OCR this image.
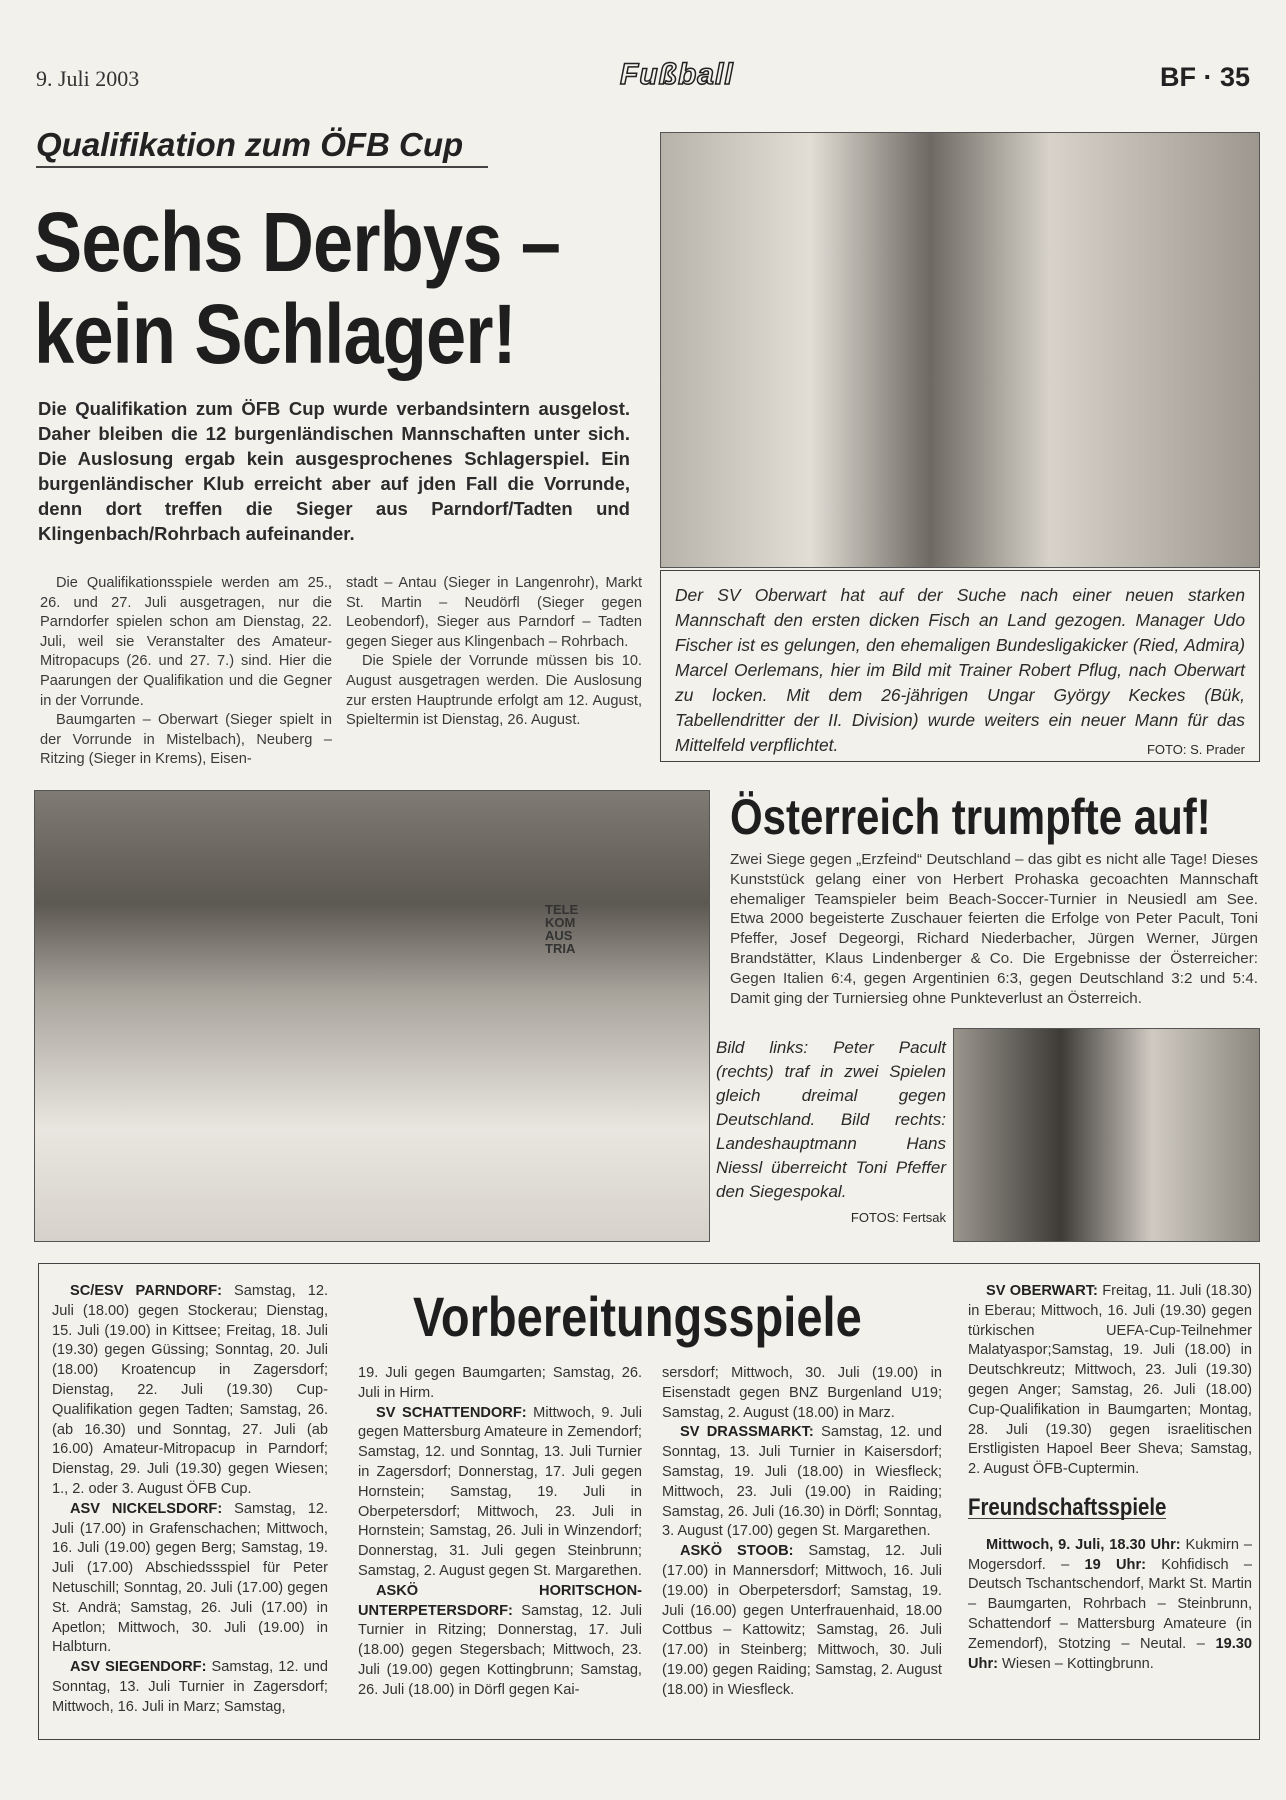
9. Juli 2003	Fußball	BF · 35
Qualifikation zum ÖFB Cup
Sechs Derbys –
kein Schlager!
Die Qualifikation zum ÖFB Cup wurde verbandsintern ausgelost. Daher bleiben die 12 burgenländischen Mannschaften unter sich. Die Auslosung ergab kein ausgesprochenes Schlagerspiel. Ein burgenländischer Klub erreicht aber auf jden Fall die Vorrunde, denn dort treffen die Sieger aus Parndorf/Tadten und Klingenbach/Rohrbach aufeinander.

Die Qualifikationsspiele werden am 25., 26. und 27. Juli ausgetragen, nur die Parndorfer spielen schon am Dienstag, 22. Juli, weil sie Veranstalter des Amateur-Mitropacups (26. und 27. 7.) sind. Hier die Paarungen der Qualifikation und die Gegner in der Vorrunde.

Baumgarten – Oberwart (Sieger spielt in der Vorrunde in Mistelbach), Neuberg – Ritzing (Sieger in Krems), Eisen-

stadt – Antau (Sieger in Langenrohr), Markt St. Martin – Neudörfl (Sieger gegen Leobendorf), Sieger aus Parndorf – Tadten gegen Sieger aus Klingenbach – Rohrbach.

Die Spiele der Vorrunde müssen bis 10. August ausgetragen werden. Die Auslosung zur ersten Hauptrunde erfolgt am 12. August, Spieltermin ist Dienstag, 26. August.

Der SV Oberwart hat auf der Suche nach einer neuen starken Mannschaft den ersten dicken Fisch an Land gezogen. Manager Udo Fischer ist es gelungen, den ehemaligen Bundesligakicker (Ried, Admira) Marcel Oerlemans, hier im Bild mit Trainer Robert Pflug, nach Oberwart zu locken. Mit dem 26-jährigen Ungar György Keckes (Bük, Tabellendritter der II. Division) wurde weiters ein neuer Mann für das Mittelfeld verpflichtet.	FOTO: S. Prader
TELE KOM AUS TRIA
Österreich trumpfte auf!
Zwei Siege gegen „Erzfeind“ Deutschland – das gibt es nicht alle Tage! Dieses Kunststück gelang einer von Herbert Prohaska gecoachten Mannschaft ehemaliger Teamspieler beim Beach-Soccer-Turnier in Neusiedl am See. Etwa 2000 begeisterte Zuschauer feierten die Erfolge von Peter Pacult, Toni Pfeffer, Josef Degeorgi, Richard Niederbacher, Jürgen Werner, Jürgen Brandstätter, Klaus Lindenberger & Co. Die Ergebnisse der Österreicher: Gegen Italien 6:4, gegen Argentinien 6:3, gegen Deutschland 3:2 und 5:4. Damit ging der Turniersieg ohne Punkteverlust an Österreich.
Bild links: Peter Pacult (rechts) traf in zwei Spielen gleich dreimal gegen Deutschland. Bild rechts: Landeshauptmann Hans Niessl überreicht Toni Pfeffer den Siegespokal.
FOTOS: Fertsak
Vorbereitungsspiele

SC/ESV PARNDORF: Samstag, 12. Juli (18.00) gegen Stockerau; Dienstag, 15. Juli (19.00) in Kittsee; Freitag, 18. Juli (19.30) gegen Güssing; Sonntag, 20. Juli (18.00) Kroatencup in Zagersdorf; Dienstag, 22. Juli (19.30) Cup-Qualifikation gegen Tadten; Samstag, 26. (ab 16.30) und Sonntag, 27. Juli (ab 16.00) Amateur-Mitropacup in Parndorf; Dienstag, 29. Juli (19.30) gegen Wiesen; 1., 2. oder 3. August ÖFB Cup.

ASV NICKELSDORF: Samstag, 12. Juli (17.00) in Grafenschachen; Mittwoch, 16. Juli (19.00) gegen Berg; Samstag, 19. Juli (17.00) Abschiedssspiel für Peter Netuschill; Sonntag, 20. Juli (17.00) gegen St. Andrä; Samstag, 26. Juli (17.00) in Apetlon; Mittwoch, 30. Juli (19.00) in Halbturn.

ASV SIEGENDORF: Samstag, 12. und Sonntag, 13. Juli Turnier in Zagersdorf; Mittwoch, 16. Juli in Marz; Samstag,

19. Juli gegen Baumgarten; Samstag, 26. Juli in Hirm.

SV SCHATTENDORF: Mittwoch, 9. Juli gegen Mattersburg Amateure in Zemendorf; Samstag, 12. und Sonntag, 13. Juli Turnier in Zagersdorf; Donnerstag, 17. Juli gegen Hornstein; Samstag, 19. Juli in Oberpetersdorf; Mittwoch, 23. Juli in Hornstein; Samstag, 26. Juli in Winzendorf; Donnerstag, 31. Juli gegen Steinbrunn; Samstag, 2. August gegen St. Margarethen.

ASKÖ HORITSCHON-UNTERPETERSDORF: Samstag, 12. Juli Turnier in Ritzing; Donnerstag, 17. Juli (18.00) gegen Stegersbach; Mittwoch, 23. Juli (19.00) gegen Kottingbrunn; Samstag, 26. Juli (18.00) in Dörfl gegen Kai-

sersdorf; Mittwoch, 30. Juli (19.00) in Eisenstadt gegen BNZ Burgenland U19; Samstag, 2. August (18.00) in Marz.

SV DRASSMARKT: Samstag, 12. und Sonntag, 13. Juli Turnier in Kaisersdorf; Samstag, 19. Juli (18.00) in Wiesfleck; Mittwoch, 23. Juli (19.00) in Raiding; Samstag, 26. Juli (16.30) in Dörfl; Sonntag, 3. August (17.00) gegen St. Margarethen.

ASKÖ STOOB: Samstag, 12. Juli (17.00) in Mannersdorf; Mittwoch, 16. Juli (19.00) in Oberpetersdorf; Samstag, 19. Juli (16.00) gegen Unterfrauenhaid, 18.00 Cottbus – Kattowitz; Samstag, 26. Juli (17.00) in Steinberg; Mittwoch, 30. Juli (19.00) gegen Raiding; Samstag, 2. August (18.00) in Wiesfleck.

SV OBERWART: Freitag, 11. Juli (18.30) in Eberau; Mittwoch, 16. Juli (19.30) gegen türkischen UEFA-Cup-Teilnehmer Malatyaspor;Samstag, 19. Juli (18.00) in Deutschkreutz; Mittwoch, 23. Juli (19.30) gegen Anger; Samstag, 26. Juli (18.00) Cup-Qualifikation in Baumgarten; Montag, 28. Juli (19.30) gegen israelitischen Erstligisten Hapoel Beer Sheva; Samstag, 2. August ÖFB-Cuptermin.

Freundschaftsspiele

Mittwoch, 9. Juli, 18.30 Uhr: Kukmirn – Mogersdorf. – 19 Uhr: Kohfidisch – Deutsch Tschantschendorf, Markt St. Martin – Baumgarten, Rohrbach – Steinbrunn, Schattendorf – Mattersburg Amateure (in Zemendorf), Stotzing – Neutal. – 19.30 Uhr: Wiesen – Kottingbrunn.
